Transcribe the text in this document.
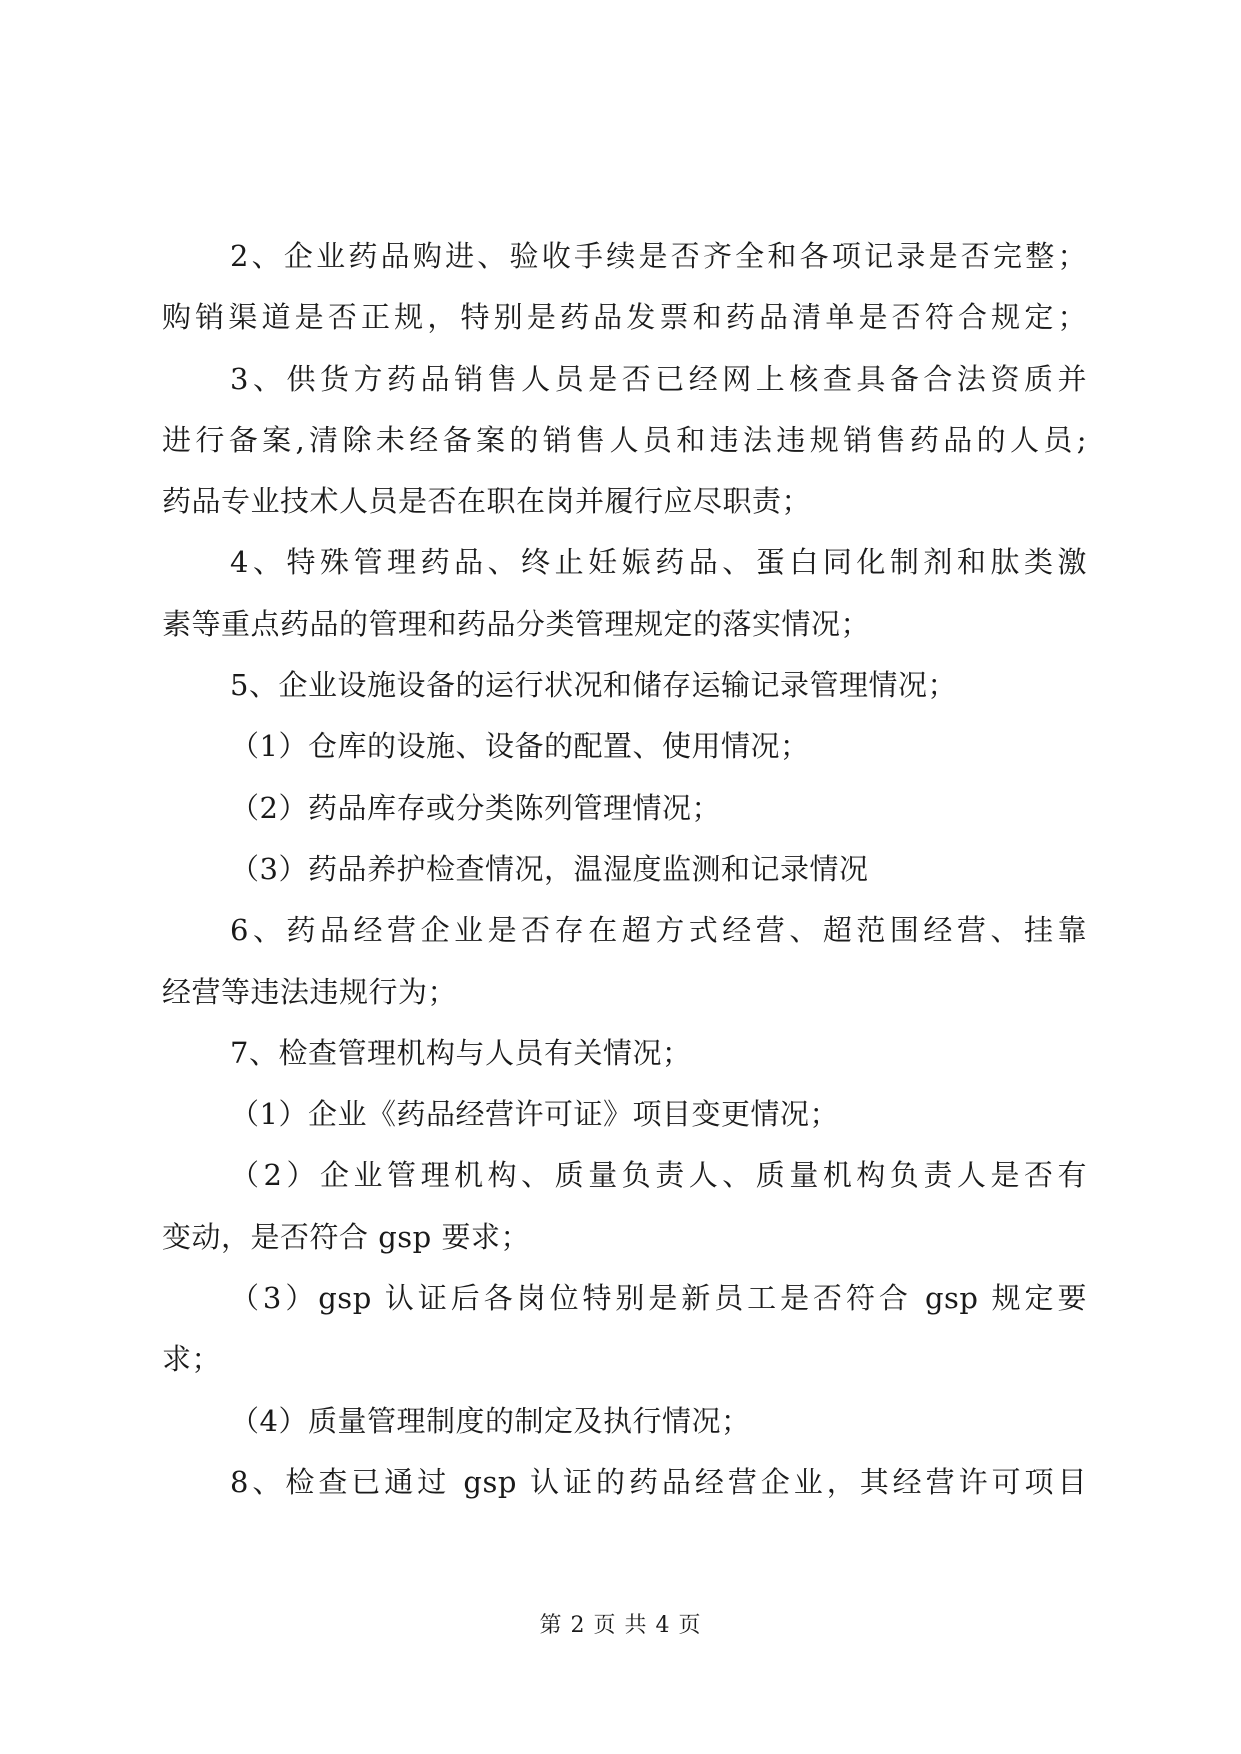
2、企业药品购进、验收手续是否齐全和各项记录是否完整；
购销渠道是否正规，特别是药品发票和药品清单是否符合规定；
3、供货方药品销售人员是否已经网上核查具备合法资质并
进行备案,清除未经备案的销售人员和违法违规销售药品的人员;
药品专业技术人员是否在职在岗并履行应尽职责；
4、特殊管理药品、终止妊娠药品、蛋白同化制剂和肽类激
素等重点药品的管理和药品分类管理规定的落实情况；
5、企业设施设备的运行状况和储存运输记录管理情况；
（1）仓库的设施、设备的配置、使用情况；
（2）药品库存或分类陈列管理情况；
（3）药品养护检查情况，温湿度监测和记录情况
6、药品经营企业是否存在超方式经营、超范围经营、挂靠
经营等违法违规行为；
7、检查管理机构与人员有关情况；
（1）企业《药品经营许可证》项目变更情况；
（2）企业管理机构、质量负责人、质量机构负责人是否有
变动，是否符合 gsp 要求；
（3）gsp 认证后各岗位特别是新员工是否符合 gsp 规定要
求；
（4）质量管理制度的制定及执行情况；
8、检查已通过 gsp 认证的药品经营企业，其经营许可项目
第 2 页 共 4 页
